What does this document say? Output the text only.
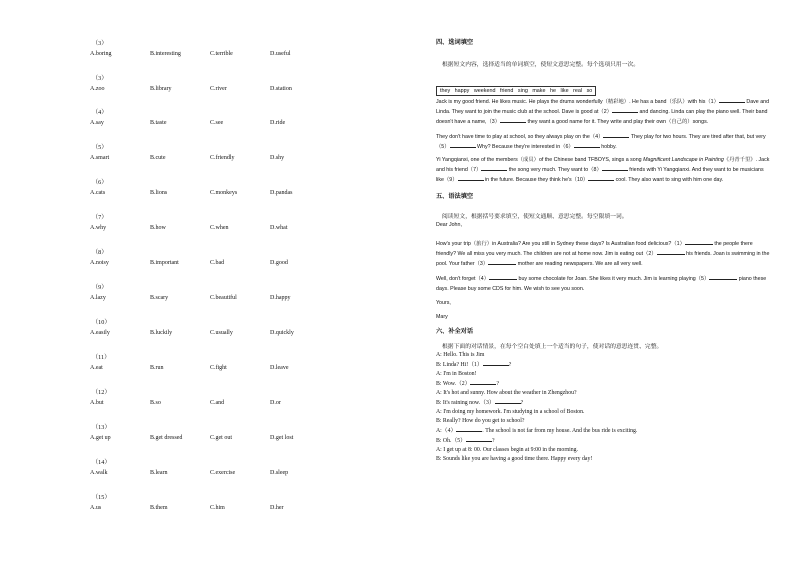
（3）
A.boring	B.interesting	C.terrible	D.useful
（3）
A.zoo	B.library	C.river	D.station
（4）
A.say	B.taste	C.see	D.ride
（5）
A.smart	B.cute	C.friendly	D.shy
（6）
A.cats	B.lions	C.monkeys	D.pandas
（7）
A.why	B.how	C.when	D.what
（8）
A.noisy	B.important	C.bad	D.good
（9）
A.lazy	B.scary	C.beautiful	D.happy
（10）
A.easily	B.luckily	C.usually	D.quickly
（11）
A.eat	B.run	C.fight	D.leave
（12）
A.but	B.so	C.and	D.or
（13）
A.get up	B.get dressed	C.get out	D.get lost
（14）
A.walk	B.learn	C.exercise	D.sleep
（15）
A.us	B.them	C.him	D.her
四、选词填空
根据短文内容，选择适当的单词填空，使短文意思完整。每个选项只用一次。
they happy weekend friend sing make he like real so
Jack is my good friend. He likes music. He plays the drums wonderfully（精彩地）. He has a band（乐队）with his（1）	Dave and Linda. They want to join the music club at the school. Dave is good at（2）	and dancing. Linda can play the piano well. Their band doesn't have a name,（3）	they want a good name for it. They write and play their own（自己的）songs.
They don't have time to play at school, so they always play on the（4）	They play for two hours. They are tired after that, but very（5）	Why? Because they're interested in（6）	hobby.
Yi Yangqianxi, one of the members（成员）of the Chinese band TFBOYS, sings a song Magnificent Landscape in Painting《丹青千里》. Jack and his friend（7）	the song very much. They want to（8）	friends with Yi Yangqianxi. And they want to be musicians like（9）	in the future. Because they think he's（10）	cool. They also want to sing with him one day.
五、语法填空
阅读短文，根据括号要求填空，使短文通顺、意思完整。每空限填一词。
Dear John,
How's your trip（旅行）in Australia? Are you still in Sydney these days? Is Australian food delicious?（1）	the people there friendly? We all miss you very much. The children are not at home now. Jim is eating out（2）	his friends. Joan is swimming in the pool. Your father（3）	mother are reading newspapers. We are all very well.
Well, don't forget（4）	buy some chocolate for Joan. She likes it very much. Jim is learning playing（5）	piano these days. Please buy some CDS for him. We wish to see you soon.
Yours,
Mary
六、补全对话
根据下面的对话情景，在每个空白处填上一个适当的句子，使对话的意思连贯、完整。
A: Hello. This is Jim
B: Linda? Hi!（1）	?
A: I'm in Boston!
B: Wow.（2）	?
A: It's hot and sunny. How about the weather in Zhengzhou?
B: It's raining now.（3）	?
A: I'm doing my homework. I'm studying in a school of Boston.
B: Really? How do you get to school?
A:（4）	. The school is not far from my house. And the bus ride is exciting.
B: Oh.（5）	?
A: I get up at 8: 00. Our classes begin at 9:00 in the morning.
B: Sounds like you are having a good time there. Happy every day!
